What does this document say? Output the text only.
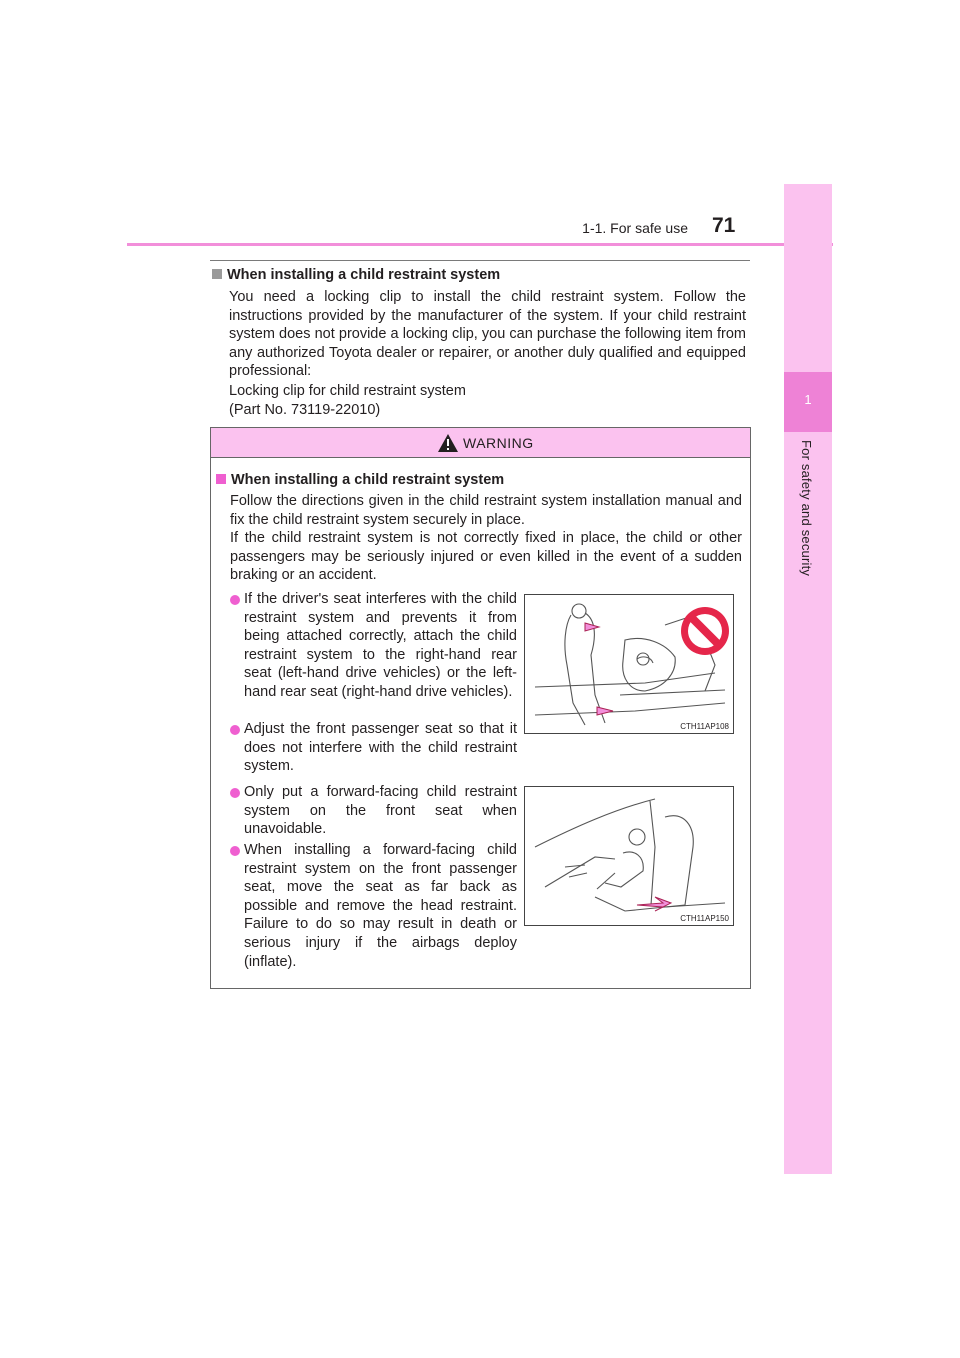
1-1. For safe use 71
1
For safety and security
When installing a child restraint system
You need a locking clip to install the child restraint system. Follow the instructions provided by the manufacturer of the system. If your child restraint system does not provide a locking clip, you can purchase the following item from any authorized Toyota dealer or repairer, or another duly qualified and equipped professional:
Locking clip for child restraint system
(Part No. 73119-22010)
WARNING
When installing a child restraint system
Follow the directions given in the child restraint system installation manual and fix the child restraint system securely in place.
If the child restraint system is not correctly fixed in place, the child or other passengers may be seriously injured or even killed in the event of a sudden braking or an accident.
If the driver's seat interferes with the child restraint system and prevents it from being attached correctly, attach the child restraint system to the right-hand rear seat (left-hand drive vehicles) or the left-hand rear seat (right-hand drive vehicles).
Adjust the front passenger seat so that it does not interfere with the child restraint system.
Only put a forward-facing child restraint system on the front seat when unavoidable.
When installing a forward-facing child restraint system on the front passenger seat, move the seat as far back as possible and remove the head restraint. Failure to do so may result in death or serious injury if the airbags deploy (inflate).
CTH11AP108
CTH11AP150
